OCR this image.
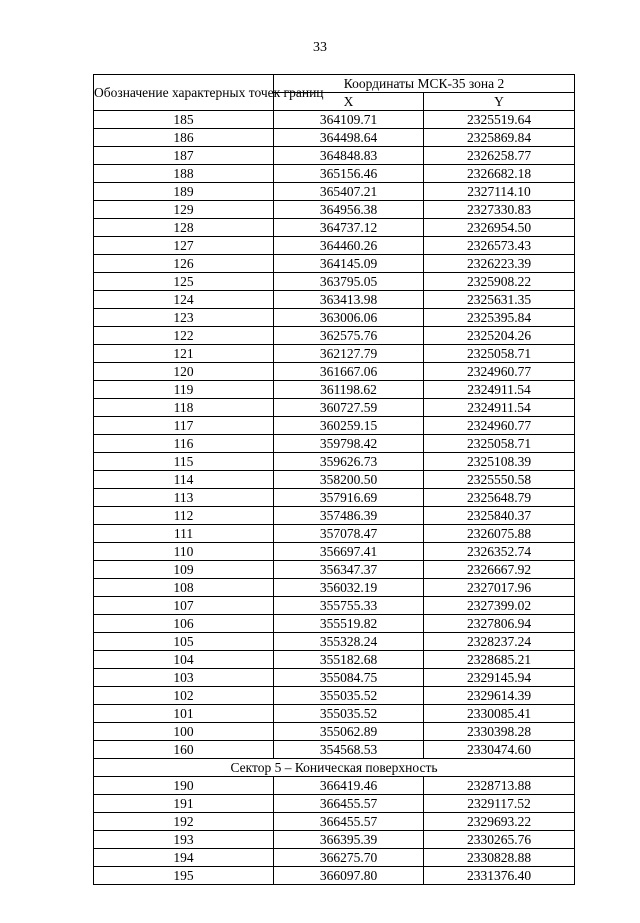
33
Обозначение характерных точек границ	Координаты МСК-35 зона 2	
	X	Y
185	364109.71	2325519.64
186	364498.64	2325869.84
187	364848.83	2326258.77
188	365156.46	2326682.18
189	365407.21	2327114.10
129	364956.38	2327330.83
128	364737.12	2326954.50
127	364460.26	2326573.43
126	364145.09	2326223.39
125	363795.05	2325908.22
124	363413.98	2325631.35
123	363006.06	2325395.84
122	362575.76	2325204.26
121	362127.79	2325058.71
120	361667.06	2324960.77
119	361198.62	2324911.54
118	360727.59	2324911.54
117	360259.15	2324960.77
116	359798.42	2325058.71
115	359626.73	2325108.39
114	358200.50	2325550.58
113	357916.69	2325648.79
112	357486.39	2325840.37
111	357078.47	2326075.88
110	356697.41	2326352.74
109	356347.37	2326667.92
108	356032.19	2327017.96
107	355755.33	2327399.02
106	355519.82	2327806.94
105	355328.24	2328237.24
104	355182.68	2328685.21
103	355084.75	2329145.94
102	355035.52	2329614.39
101	355035.52	2330085.41
100	355062.89	2330398.28
160	354568.53	2330474.60
Сектор 5 – Коническая поверхность		
190	366419.46	2328713.88
191	366455.57	2329117.52
192	366455.57	2329693.22
193	366395.39	2330265.76
194	366275.70	2330828.88
195	366097.80	2331376.40
